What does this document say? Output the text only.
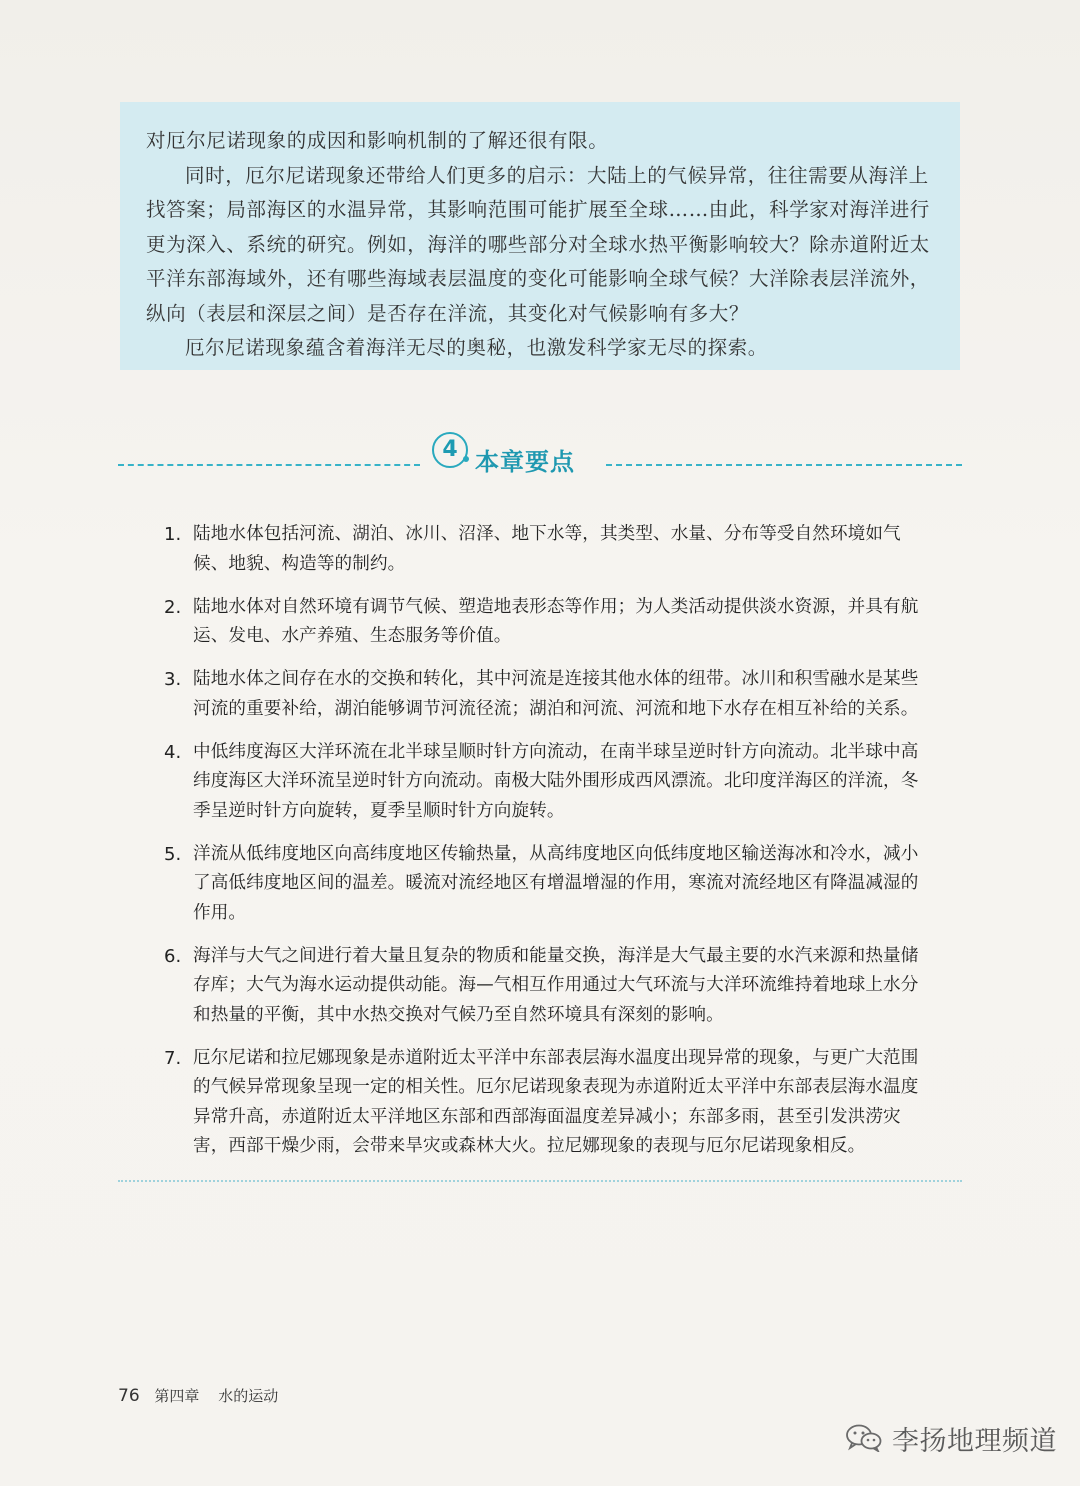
对厄尔尼诺现象的成因和影响机制的了解还很有限。

同时，厄尔尼诺现象还带给人们更多的启示：大陆上的气候异常，往往需要从海洋上找答案；局部海区的水温异常，其影响范围可能扩展至全球……由此，科学家对海洋进行更为深入、系统的研究。例如，海洋的哪些部分对全球水热平衡影响较大？除赤道附近太平洋东部海域外，还有哪些海域表层温度的变化可能影响全球气候？大洋除表层洋流外，纵向（表层和深层之间）是否存在洋流，其变化对气候影响有多大？

厄尔尼诺现象蕴含着海洋无尽的奥秘，也激发科学家无尽的探索。

4 本章要点
1. 陆地水体包括河流、湖泊、冰川、沼泽、地下水等，其类型、水量、分布等受自然环境如气候、地貌、构造等的制约。
2. 陆地水体对自然环境有调节气候、塑造地表形态等作用；为人类活动提供淡水资源，并具有航运、发电、水产养殖、生态服务等价值。
3. 陆地水体之间存在水的交换和转化，其中河流是连接其他水体的纽带。冰川和积雪融水是某些河流的重要补给，湖泊能够调节河流径流；湖泊和河流、河流和地下水存在相互补给的关系。
4. 中低纬度海区大洋环流在北半球呈顺时针方向流动，在南半球呈逆时针方向流动。北半球中高纬度海区大洋环流呈逆时针方向流动。南极大陆外围形成西风漂流。北印度洋海区的洋流，冬季呈逆时针方向旋转，夏季呈顺时针方向旋转。
5. 洋流从低纬度地区向高纬度地区传输热量，从高纬度地区向低纬度地区输送海冰和冷水，减小了高低纬度地区间的温差。暖流对流经地区有增温增湿的作用，寒流对流经地区有降温减湿的作用。
6. 海洋与大气之间进行着大量且复杂的物质和能量交换，海洋是大气最主要的水汽来源和热量储存库；大气为海水运动提供动能。海—气相互作用通过大气环流与大洋环流维持着地球上水分和热量的平衡，其中水热交换对气候乃至自然环境具有深刻的影响。
7. 厄尔尼诺和拉尼娜现象是赤道附近太平洋中东部表层海水温度出现异常的现象，与更广大范围的气候异常现象呈现一定的相关性。厄尔尼诺现象表现为赤道附近太平洋中东部表层海水温度异常升高，赤道附近太平洋地区东部和西部海面温度差异减小；东部多雨，甚至引发洪涝灾害，西部干燥少雨，会带来旱灾或森林大火。拉尼娜现象的表现与厄尔尼诺现象相反。
76 第四章 水的运动
李扬地理频道
